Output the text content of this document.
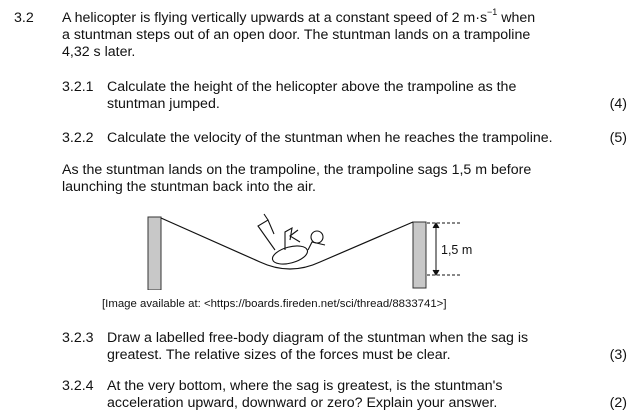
3.2 A helicopter is flying vertically upwards at a constant speed of 2 $m\cdot s^{-1}$ when
a stuntman steps out of an open door. The stuntman lands on a trampoline
4,32 s later.
3.2.1 Calculate the height of the helicopter above the trampoline as the
stuntman jumped.	(4)
3.2.2 Calculate the velocity of the stuntman when he reaches the trampoline.	(5)
As the stuntman lands on the trampoline, the trampoline sags 1,5 m before
launching the stuntman back into the air.
1,5 m
[Image available at: <https://boards.fireden.net/sci/thread/8833741>]
3.2.3 Draw a labelled free-body diagram of the stuntman when the sag is
greatest. The relative sizes of the forces must be clear.	(3)
3.2.4 At the very bottom, where the sag is greatest, is the stuntman's
acceleration upward, downward or zero? Explain your answer.	(2)
